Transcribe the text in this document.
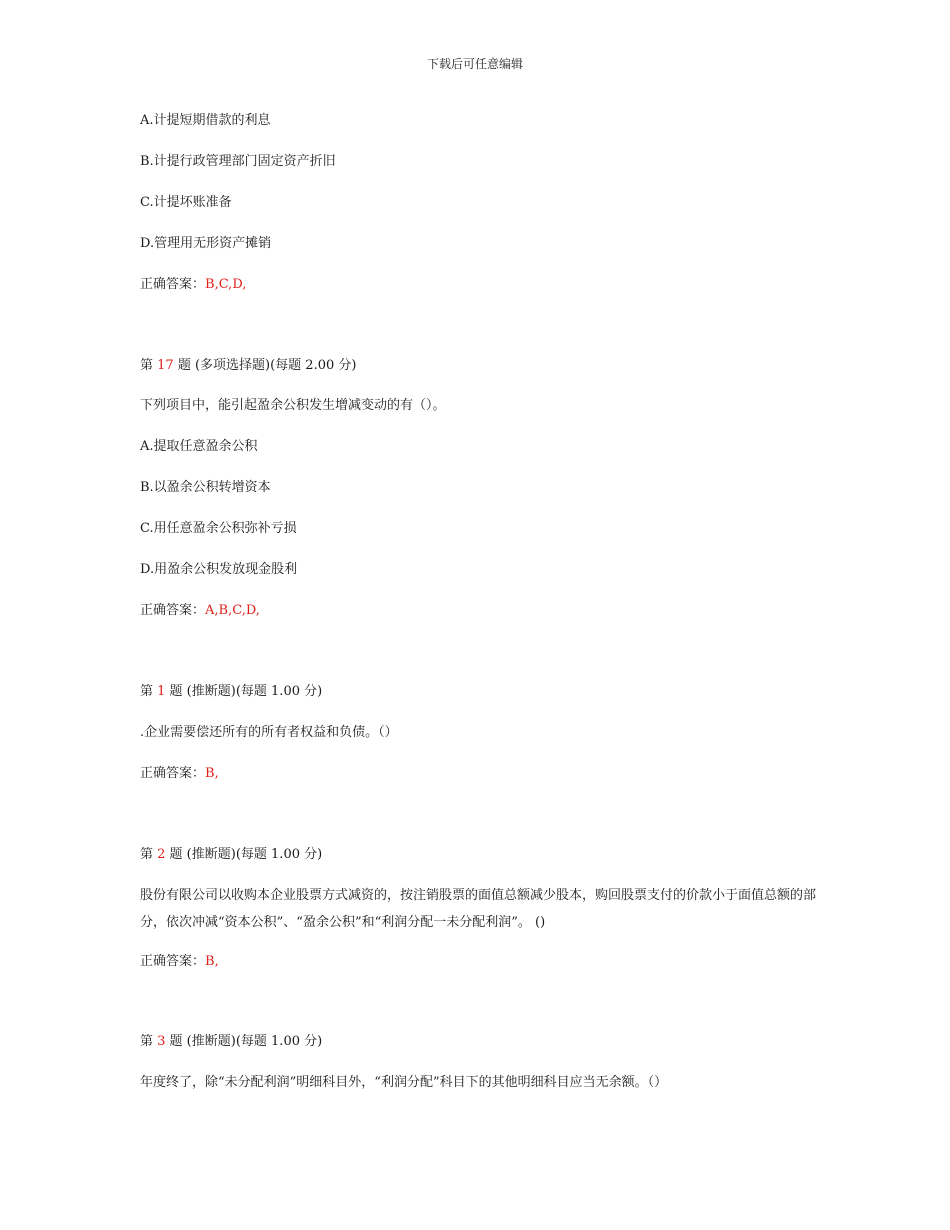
下载后可任意编辑
A.计提短期借款的利息
B.计提行政管理部门固定资产折旧
C.计提坏账准备
D.管理用无形资产摊销
正确答案：B,C,D,
第 17 题 (多项选择题)(每题 2.00 分)
下列项目中，能引起盈余公积发生增减变动的有（）。
A.提取任意盈余公积
B.以盈余公积转增资本
C.用任意盈余公积弥补亏损
D.用盈余公积发放现金股利
正确答案：A,B,C,D,
第 1 题 (推断题)(每题 1.00 分)
.企业需要偿还所有的所有者权益和负债。（）
正确答案：B,
第 2 题 (推断题)(每题 1.00 分)
股份有限公司以收购本企业股票方式减资的，按注销股票的面值总额减少股本，购回股票支付的价款小于面值总额的部分，依次冲减“资本公积”、“盈余公积”和“利润分配一未分配利润”。 ()
正确答案：B,
第 3 题 (推断题)(每题 1.00 分)
年度终了，除“未分配利润”明细科目外，“利润分配”科目下的其他明细科目应当无余额。（）
